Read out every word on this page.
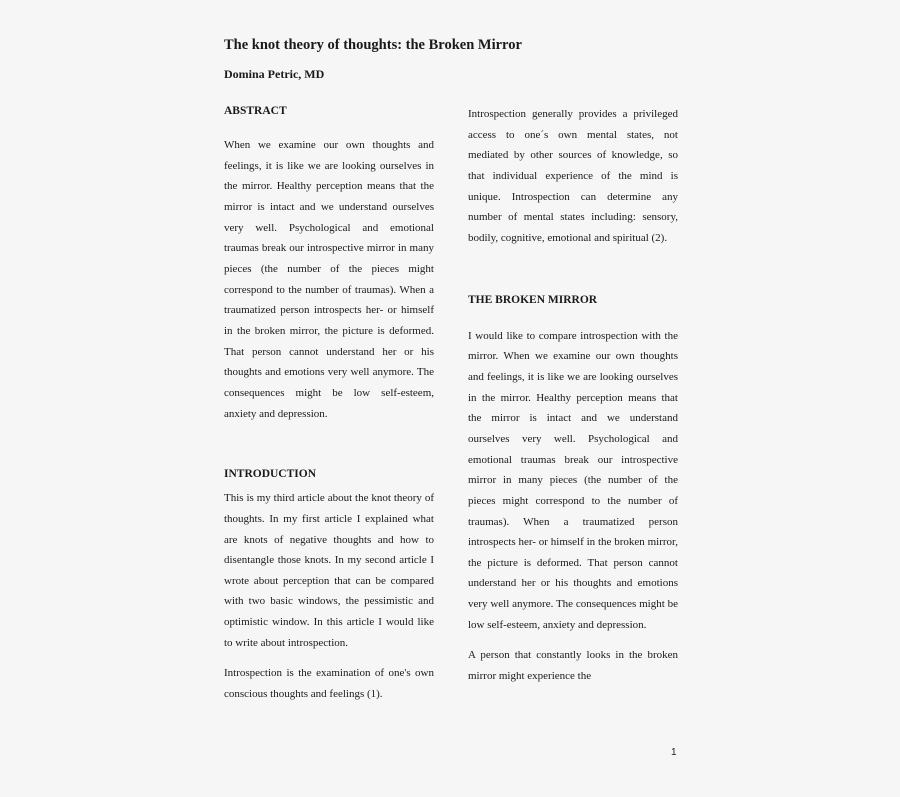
The knot theory of thoughts: the Broken Mirror
Domina Petric, MD
ABSTRACT

When we examine our own thoughts and feelings, it is like we are looking ourselves in the mirror. Healthy perception means that the mirror is intact and we understand ourselves very well. Psychological and emotional traumas break our introspective mirror in many pieces (the number of the pieces might correspond to the number of traumas). When a traumatized person introspects her- or himself in the broken mirror, the picture is deformed. That person cannot understand her or his thoughts and emotions very well anymore. The consequences might be low self-esteem, anxiety and depression.

INTRODUCTION

This is my third article about the knot theory of thoughts. In my first article I explained what are knots of negative thoughts and how to disentangle those knots. In my second article I wrote about perception that can be compared with two basic windows, the pessimistic and optimistic window. In this article I would like to write about introspection.

Introspection is the examination of one's own conscious thoughts and feelings (1).

Introspection generally provides a privileged access to one´s own mental states, not mediated by other sources of knowledge, so that individual experience of the mind is unique. Introspection can determine any number of mental states including: sensory, bodily, cognitive, emotional and spiritual (2).

THE BROKEN MIRROR

I would like to compare introspection with the mirror. When we examine our own thoughts and feelings, it is like we are looking ourselves in the mirror. Healthy perception means that the mirror is intact and we understand ourselves very well. Psychological and emotional traumas break our introspective mirror in many pieces (the number of the pieces might correspond to the number of traumas). When a traumatized person introspects her- or himself in the broken mirror, the picture is deformed. That person cannot understand her or his thoughts and emotions very well anymore. The consequences might be low self-esteem, anxiety and depression.

A person that constantly looks in the broken mirror might experience the

1
